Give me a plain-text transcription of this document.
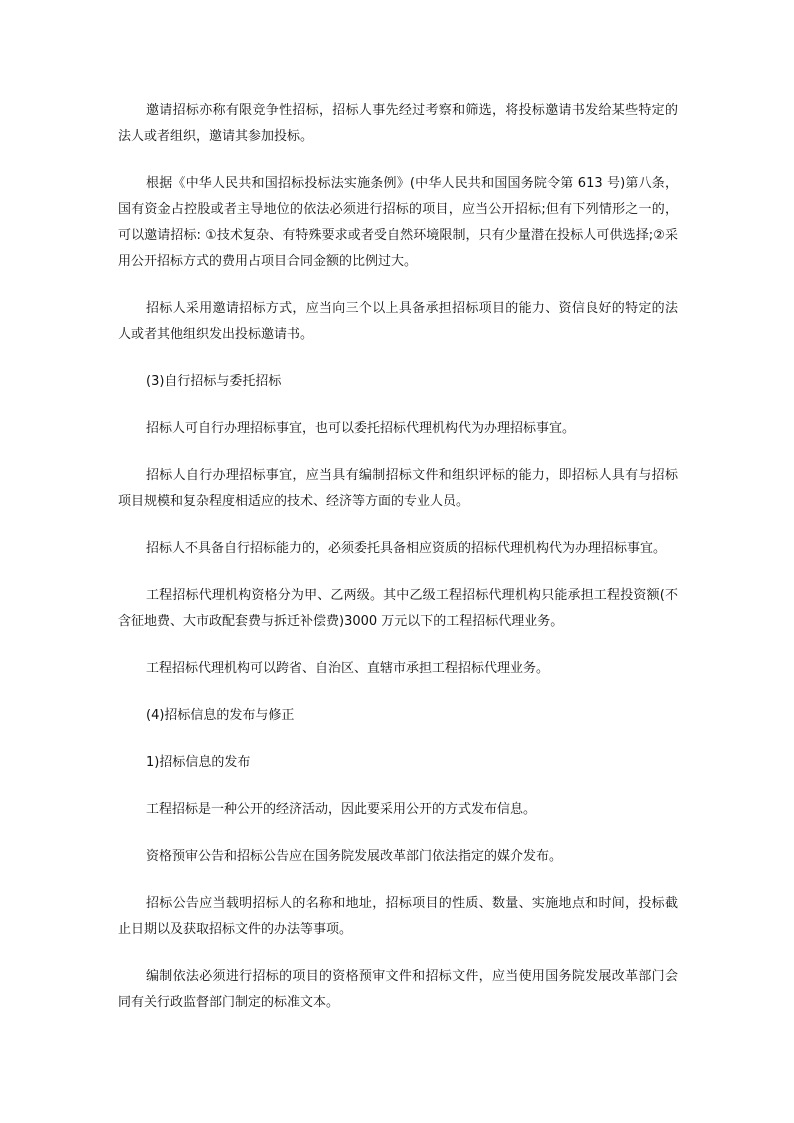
邀请招标亦称有限竞争性招标，招标人事先经过考察和筛选，将投标邀请书发给某些特定的法人或者组织，邀请其参加投标。

根据《中华人民共和国招标投标法实施条例》(中华人民共和国国务院令第 613 号)第八条，国有资金占控股或者主导地位的依法必须进行招标的项目，应当公开招标;但有下列情形之一的，可以邀请招标: ①技术复杂、有特殊要求或者受自然环境限制，只有少量潜在投标人可供选择;②采用公开招标方式的费用占项目合同金额的比例过大。

招标人采用邀请招标方式，应当向三个以上具备承担招标项目的能力、资信良好的特定的法人或者其他组织发出投标邀请书。

(3)自行招标与委托招标

招标人可自行办理招标事宜，也可以委托招标代理机构代为办理招标事宜。

招标人自行办理招标事宜，应当具有编制招标文件和组织评标的能力，即招标人具有与招标项目规模和复杂程度相适应的技术、经济等方面的专业人员。

招标人不具备自行招标能力的，必须委托具备相应资质的招标代理机构代为办理招标事宜。

工程招标代理机构资格分为甲、乙两级。其中乙级工程招标代理机构只能承担工程投资额(不含征地费、大市政配套费与拆迁补偿费)3000 万元以下的工程招标代理业务。

工程招标代理机构可以跨省、自治区、直辖市承担工程招标代理业务。

(4)招标信息的发布与修正

1)招标信息的发布

工程招标是一种公开的经济活动，因此要采用公开的方式发布信息。

资格预审公告和招标公告应在国务院发展改革部门依法指定的媒介发布。

招标公告应当载明招标人的名称和地址，招标项目的性质、数量、实施地点和时间，投标截止日期以及获取招标文件的办法等事项。

编制依法必须进行招标的项目的资格预审文件和招标文件，应当使用国务院发展改革部门会同有关行政监督部门制定的标准文本。
